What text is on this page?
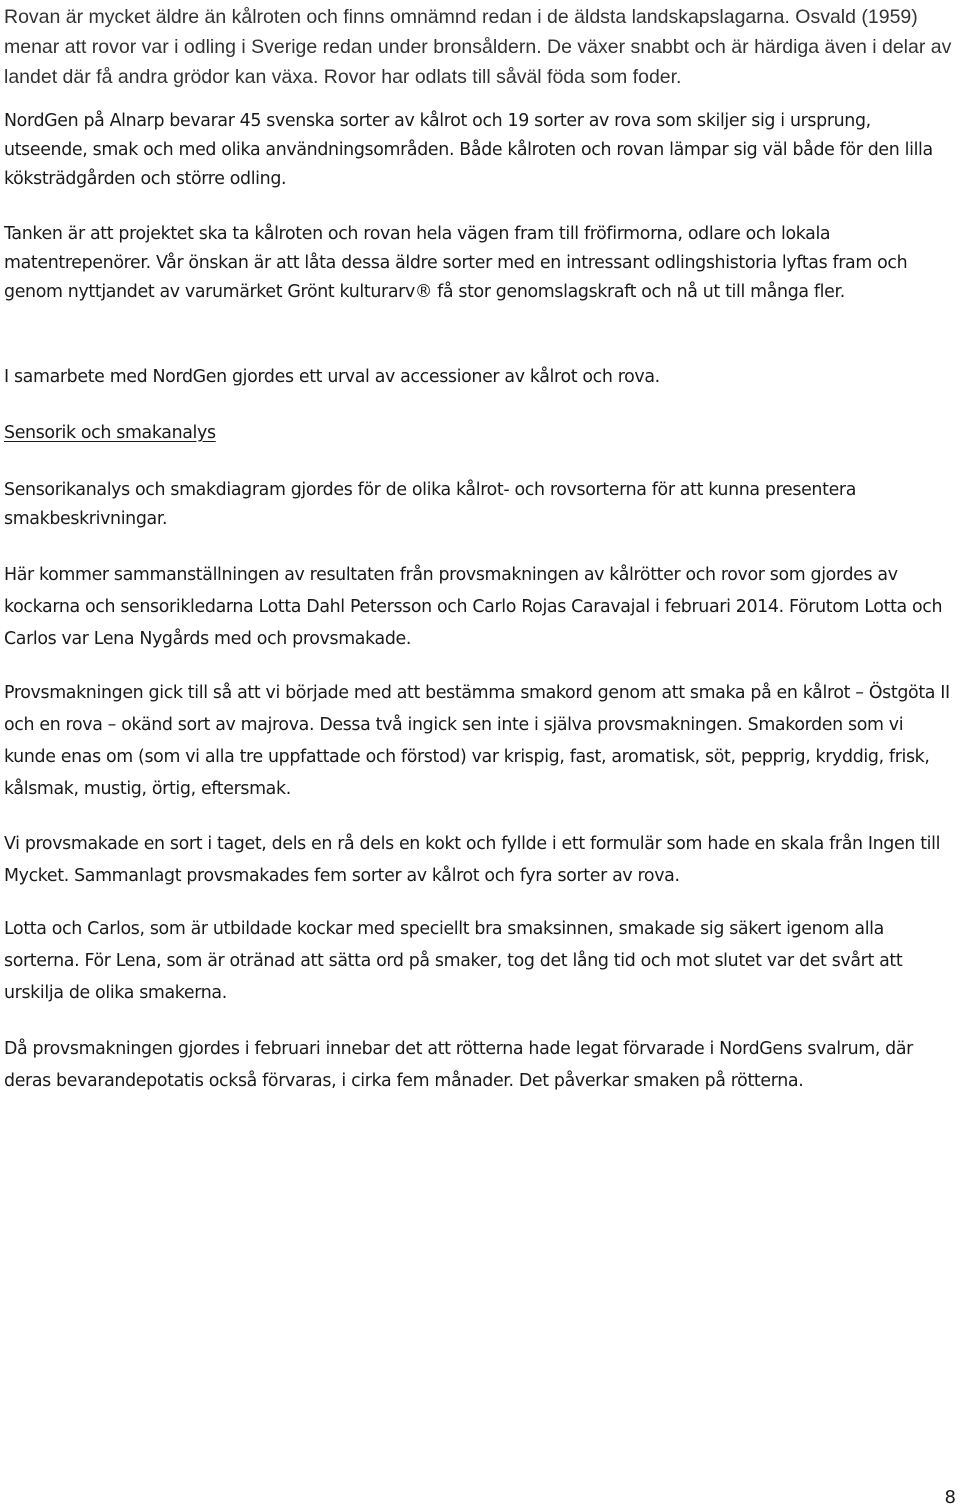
Rovan är mycket äldre än kålroten och finns omnämnd redan i de äldsta landskapslagarna. Osvald (1959) menar att rovor var i odling i Sverige redan under bronsåldern. De växer snabbt och är härdiga även i delar av landet där få andra grödor kan växa. Rovor har odlats till såväl föda som foder.

NordGen på Alnarp bevarar 45 svenska sorter av kålrot och 19 sorter av rova som skiljer sig i ursprung, utseende, smak och med olika användningsområden. Både kålroten och rovan lämpar sig väl både för den lilla köksträdgården och större odling.

Tanken är att projektet ska ta kålroten och rovan hela vägen fram till fröfirmorna, odlare och lokala matentrepenörer. Vår önskan är att låta dessa äldre sorter med en intressant odlingshistoria lyftas fram och genom nyttjandet av varumärket Grönt kulturarv® få stor genomslagskraft och nå ut till många fler.

I samarbete med NordGen gjordes ett urval av accessioner av kålrot och rova.

Sensorik och smakanalys

Sensorikanalys och smakdiagram gjordes för de olika kålrot- och rovsorterna för att kunna presentera smakbeskrivningar.

Här kommer sammanställningen av resultaten från provsmakningen av kålrötter och rovor som gjordes av kockarna och sensorikledarna Lotta Dahl Petersson och Carlo Rojas Caravajal i februari 2014. Förutom Lotta och Carlos var Lena Nygårds med och provsmakade.

Provsmakningen gick till så att vi började med att bestämma smakord genom att smaka på en kålrot – Östgöta II och en rova – okänd sort av majrova. Dessa två ingick sen inte i själva provsmakningen. Smakorden som vi kunde enas om (som vi alla tre uppfattade och förstod) var krispig, fast, aromatisk, söt, pepprig, kryddig, frisk, kålsmak, mustig, örtig, eftersmak.

Vi provsmakade en sort i taget, dels en rå dels en kokt och fyllde i ett formulär som hade en skala från Ingen till Mycket. Sammanlagt provsmakades fem sorter av kålrot och fyra sorter av rova.

Lotta och Carlos, som är utbildade kockar med speciellt bra smaksinnen, smakade sig säkert igenom alla sorterna. För Lena, som är otränad att sätta ord på smaker, tog det lång tid och mot slutet var det svårt att urskilja de olika smakerna.

Då provsmakningen gjordes i februari innebar det att rötterna hade legat förvarade i NordGens svalrum, där deras bevarandepotatis också förvaras, i cirka fem månader. Det påverkar smaken på rötterna.

8
